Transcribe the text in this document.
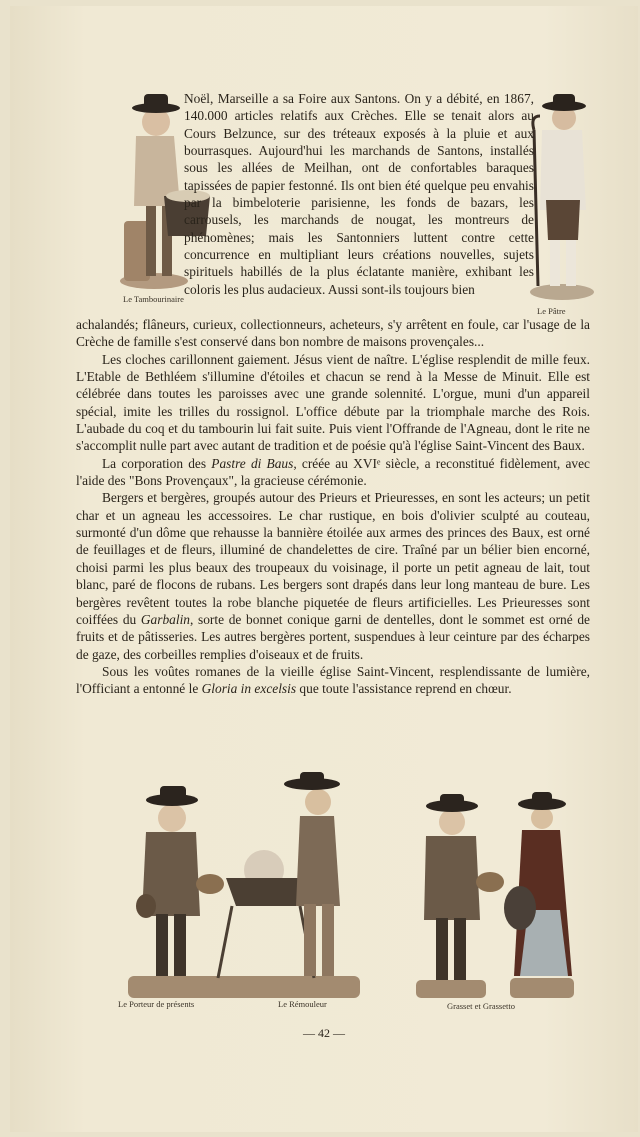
Le Tambourinaire
Le Pâtre
Noël, Marseille a sa Foire aux Santons. On y a débité, en 1867, 140.000 articles relatifs aux Crèches. Elle se tenait alors au Cours Belzunce, sur des tréteaux exposés à la pluie et aux bourrasques. Aujourd'hui les marchands de Santons, installés sous les allées de Meilhan, ont de confortables baraques tapissées de papier festonné. Ils ont bien été quelque peu envahis par la bimbeloterie parisienne, les fonds de bazars, les carrousels, les marchands de nougat, les montreurs de phénomènes; mais les Santonniers luttent contre cette concurrence en multipliant leurs créations nouvelles, sujets spirituels habillés de la plus éclatante manière, exhibant les coloris les plus audacieux. Aussi sont-ils toujours bien

achalandés; flâneurs, curieux, collectionneurs, acheteurs, s'y arrêtent en foule, car l'usage de la Crèche de famille s'est conservé dans bon nombre de maisons provençales...

Les cloches carillonnent gaiement. Jésus vient de naître. L'église resplendit de mille feux. L'Etable de Bethléem s'illumine d'étoiles et chacun se rend à la Messe de Minuit. Elle est célébrée dans toutes les paroisses avec une grande solennité. L'orgue, muni d'un appareil spécial, imite les trilles du rossignol. L'office débute par la triomphale marche des Rois. L'aubade du coq et du tambourin lui fait suite. Puis vient l'Offrande de l'Agneau, dont le rite ne s'accomplit nulle part avec autant de tradition et de poésie qu'à l'église Saint-Vincent des Baux.

La corporation des Pastre di Baus, créée au XVIᵉ siècle, a reconstitué fidèlement, avec l'aide des "Bons Provençaux", la gracieuse cérémonie.

Bergers et bergères, groupés autour des Prieurs et Prieuresses, en sont les acteurs; un petit char et un agneau les accessoires. Le char rustique, en bois d'olivier sculpté au couteau, surmonté d'un dôme que rehausse la bannière étoilée aux armes des princes des Baux, est orné de feuillages et de fleurs, illuminé de chandelettes de cire. Traîné par un bélier bien encorné, choisi parmi les plus beaux des troupeaux du voisinage, il porte un petit agneau de lait, tout blanc, paré de flocons de rubans. Les bergers sont drapés dans leur long manteau de bure. Les bergères revêtent toutes la robe blanche piquetée de fleurs artificielles. Les Prieuresses sont coiffées du Garbalin, sorte de bonnet conique garni de dentelles, dont le sommet est orné de fruits et de pâtisseries. Les autres bergères portent, suspendues à leur ceinture par des écharpes de gaze, des corbeilles remplies d'oiseaux et de fruits.

Sous les voûtes romanes de la vieille église Saint-Vincent, resplendissante de lumière, l'Officiant a entonné le Gloria in excelsis que toute l'assistance reprend en chœur.

Le Porteur de présents	Le Rémouleur	Grasset et Grassetto
— 42 —
